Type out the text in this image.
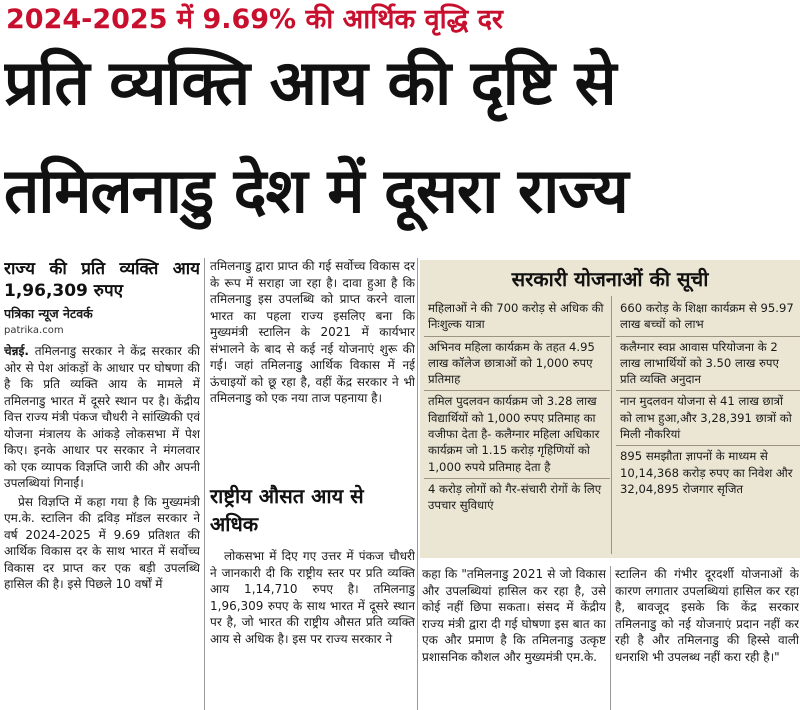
2024-2025 में 9.69% की आर्थिक वृद्धि दर
प्रति व्यक्ति आय की दृष्टि से
तमिलनाडु देश में दूसरा राज्य

राज्य की प्रति व्यक्ति आय 1,96,309 रुपए

पत्रिका न्यूज नेटवर्क
patrika.com

चेन्नई. तमिलनाडु सरकार ने केंद्र सरकार की ओर से पेश आंकड़ों के आधार पर घोषणा की है कि प्रति व्यक्ति आय के मामले में तमिलनाडु भारत में दूसरे स्थान पर है। केंद्रीय वित्त राज्य मंत्री पंकज चौधरी ने सांख्यिकी एवं योजना मंत्रालय के आंकड़े लोकसभा में पेश किए। इनके आधार पर सरकार ने मंगलवार को एक व्यापक विज्ञप्ति जारी की और अपनी उपलब्धियां गिनाईं।

प्रेस विज्ञप्ति में कहा गया है कि मुख्यमंत्री एम.के. स्टालिन की द्रविड़ मॉडल सरकार ने वर्ष 2024-2025 में 9.69 प्रतिशत की आर्थिक विकास दर के साथ भारत में सर्वोच्च विकास दर प्राप्त कर एक बड़ी उपलब्धि हासिल की है। इसे पिछले 10 वर्षों में

तमिलनाडु द्वारा प्राप्त की गई सर्वोच्च विकास दर के रूप में सराहा जा रहा है। दावा हुआ है कि तमिलनाडु इस उपलब्धि को प्राप्त करने वाला भारत का पहला राज्य इसलिए बना कि मुख्यमंत्री स्टालिन के 2021 में कार्यभार संभालने के बाद से कई नई योजनाएं शुरू की गई। जहां तमिलनाडु आर्थिक विकास में नई ऊंचाइयों को छू रहा है, वहीं केंद्र सरकार ने भी तमिलनाडु को एक नया ताज पहनाया है।

राष्ट्रीय औसत आय से अधिक

लोकसभा में दिए गए उत्तर में पंकज चौधरी ने जानकारी दी कि राष्ट्रीय स्तर पर प्रति व्यक्ति आय 1,14,710 रुपए है। तमिलनाडु 1,96,309 रुपए के साथ भारत में दूसरे स्थान पर है, जो भारत की राष्ट्रीय औसत प्रति व्यक्ति आय से अधिक है। इस पर राज्य सरकार ने

सरकारी योजनाओं की सूची
महिलाओं ने की 700 करोड़ से अधिक की निःशुल्क यात्रा
अभिनव महिला कार्यक्रम के तहत 4.95 लाख कॉलेज छात्राओं को 1,000 रुपए प्रतिमाह
तमिल पुदलवन कार्यक्रम जो 3.28 लाख विद्यार्थियों को 1,000 रुपए प्रतिमाह का वजीफा देता है- कलैग्नार महिला अधिकार कार्यक्रम जो 1.15 करोड़ गृहिणियों को 1,000 रुपये प्रतिमाह देता है
4 करोड़ लोगों को गैर-संचारी रोगों के लिए उपचार सुविधाएं
660 करोड़ के शिक्षा कार्यक्रम से 95.97 लाख बच्चों को लाभ
कलैग्नार स्वप्न आवास परियोजना के 2 लाख लाभार्थियों को 3.50 लाख रुपए प्रति व्यक्ति अनुदान
नान मुदलवन योजना से 41 लाख छात्रों को लाभ हुआ,और 3,28,391 छात्रों को मिली नौकरियां
895 समझौता ज्ञापनों के माध्यम से 10,14,368 करोड़ रुपए का निवेश और 32,04,895 रोजगार सृजित

कहा कि "तमिलनाडु 2021 से जो विकास और उपलब्धियां हासिल कर रहा है, उसे कोई नहीं छिपा सकता। संसद में केंद्रीय राज्य मंत्री द्वारा दी गई घोषणा इस बात का एक और प्रमाण है कि तमिलनाडु उत्कृष्ट प्रशासनिक कौशल और मुख्यमंत्री एम.के.

स्टालिन की गंभीर दूरदर्शी योजनाओं के कारण लगातार उपलब्धियां हासिल कर रहा है, बावजूद इसके कि केंद्र सरकार तमिलनाडु को नई योजनाएं प्रदान नहीं कर रही है और तमिलनाडु की हिस्से वाली धनराशि भी उपलब्ध नहीं करा रही है।"
